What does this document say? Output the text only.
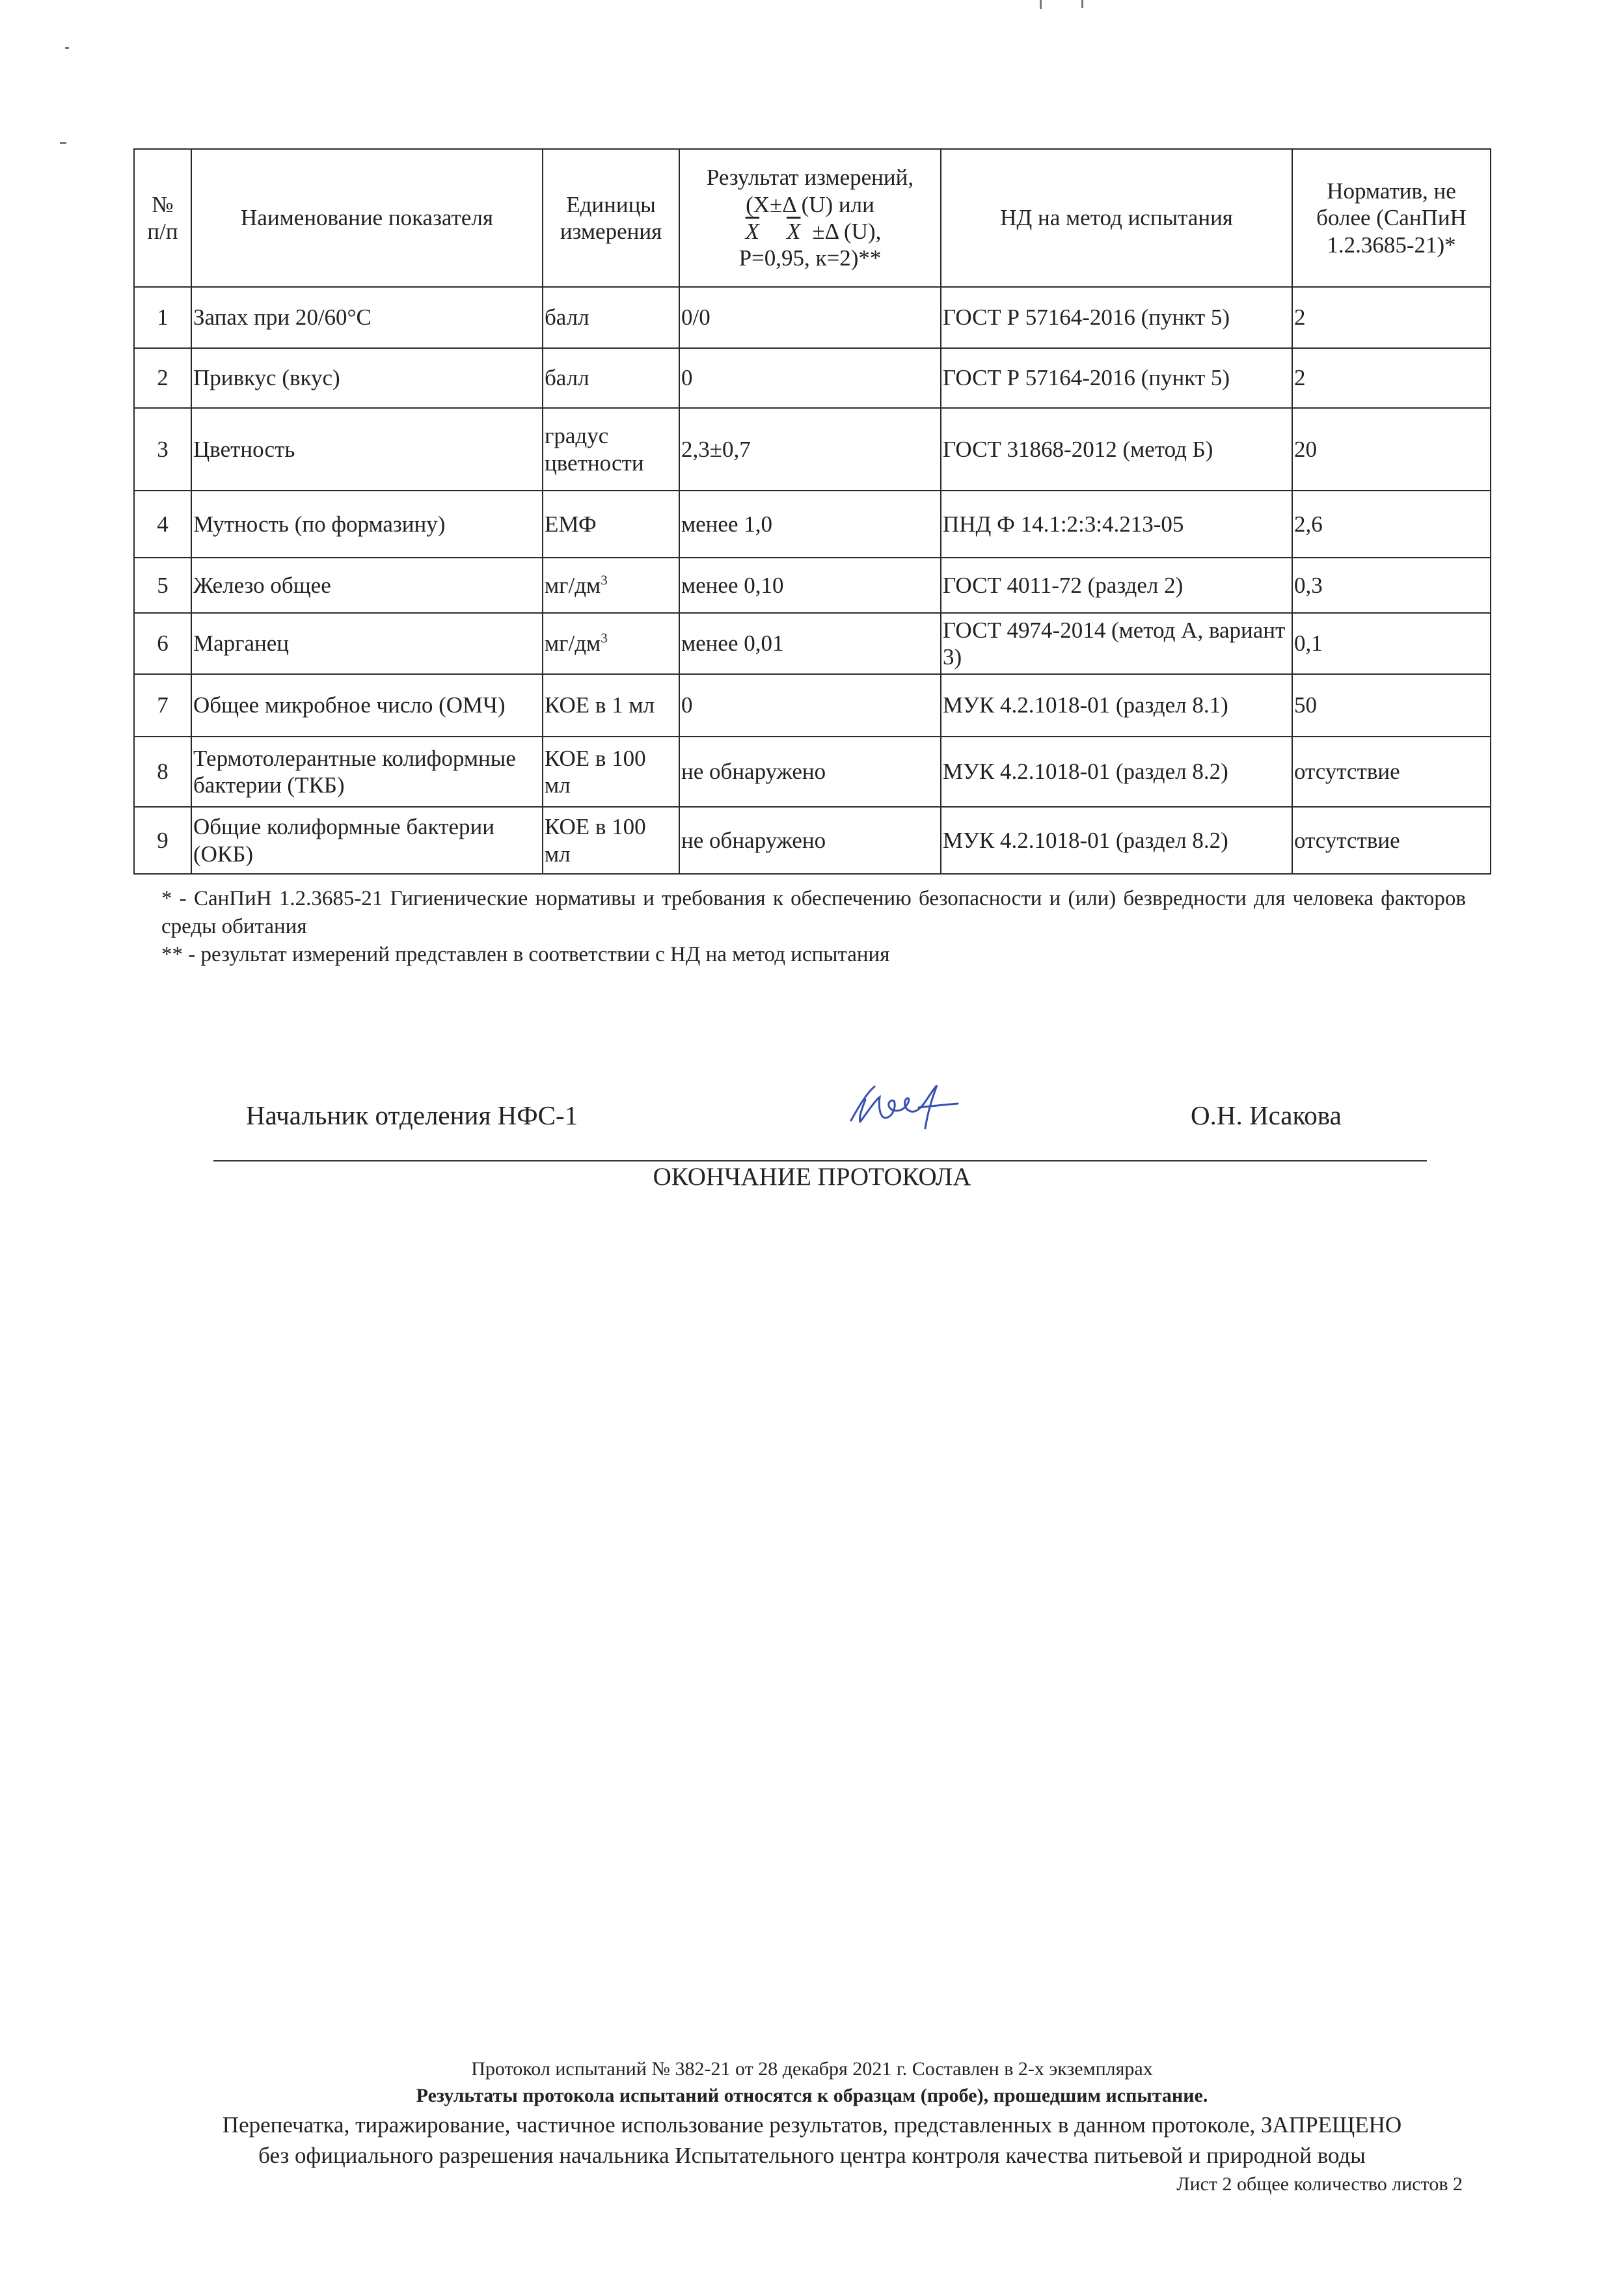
№ п/п	Наименование показателя	Единицы измерения	Результат измерений, (Х±Δ (U) или
$\overline{X}$ $\overline{X} \pm\Delta$ (U),
Р=0,95, к=2)**	НД на метод испытания	Норматив, не более (СанПиН 1.2.3685-21)*
1	Запах при 20/60°С	балл	0/0	ГОСТ Р 57164-2016 (пункт 5)	2
2	Привкус (вкус)	балл	0	ГОСТ Р 57164-2016 (пункт 5)	2
3	Цветность	градус цветности	2,3±0,7	ГОСТ 31868-2012 (метод Б)	20
4	Мутность (по формазину)	ЕМФ	менее 1,0	ПНД Ф 14.1:2:3:4.213-05	2,6
5	Железо общее	$мг/дм^3$	менее 0,10	ГОСТ 4011-72 (раздел 2)	0,3
6	Марганец	$мг/дм^3$	менее 0,01	ГОСТ 4974-2014 (метод А, вариант 3)	0,1
7	Общее микробное число (ОМЧ)	КОЕ в 1 мл	0	МУК 4.2.1018-01 (раздел 8.1)	50
8	Термотолерантные колиформные бактерии (ТКБ)	КОЕ в 100 мл	не обнаружено	МУК 4.2.1018-01 (раздел 8.2)	отсутствие
9	Общие колиформные бактерии (ОКБ)	КОЕ в 100 мл	не обнаружено	МУК 4.2.1018-01 (раздел 8.2)	отсутствие

* - СанПиН 1.2.3685-21 Гигиенические нормативы и требования к обеспечению безопасности и (или) безвредности для человека факторов среды обитания

** - результат измерений представлен в соответствии с НД на метод испытания

Начальник отделения НФС-1	О.Н. Исакова
ОКОНЧАНИЕ ПРОТОКОЛА
Протокол испытаний № 382-21 от 28 декабря 2021 г. Составлен в 2-х экземплярах
Результаты протокола испытаний относятся к образцам (пробе), прошедшим испытание.
Перепечатка, тиражирование, частичное использование результатов, представленных в данном протоколе, ЗАПРЕЩЕНО
без официального разрешения начальника Испытательного центра контроля качества питьевой и природной воды
Лист 2 общее количество листов 2
